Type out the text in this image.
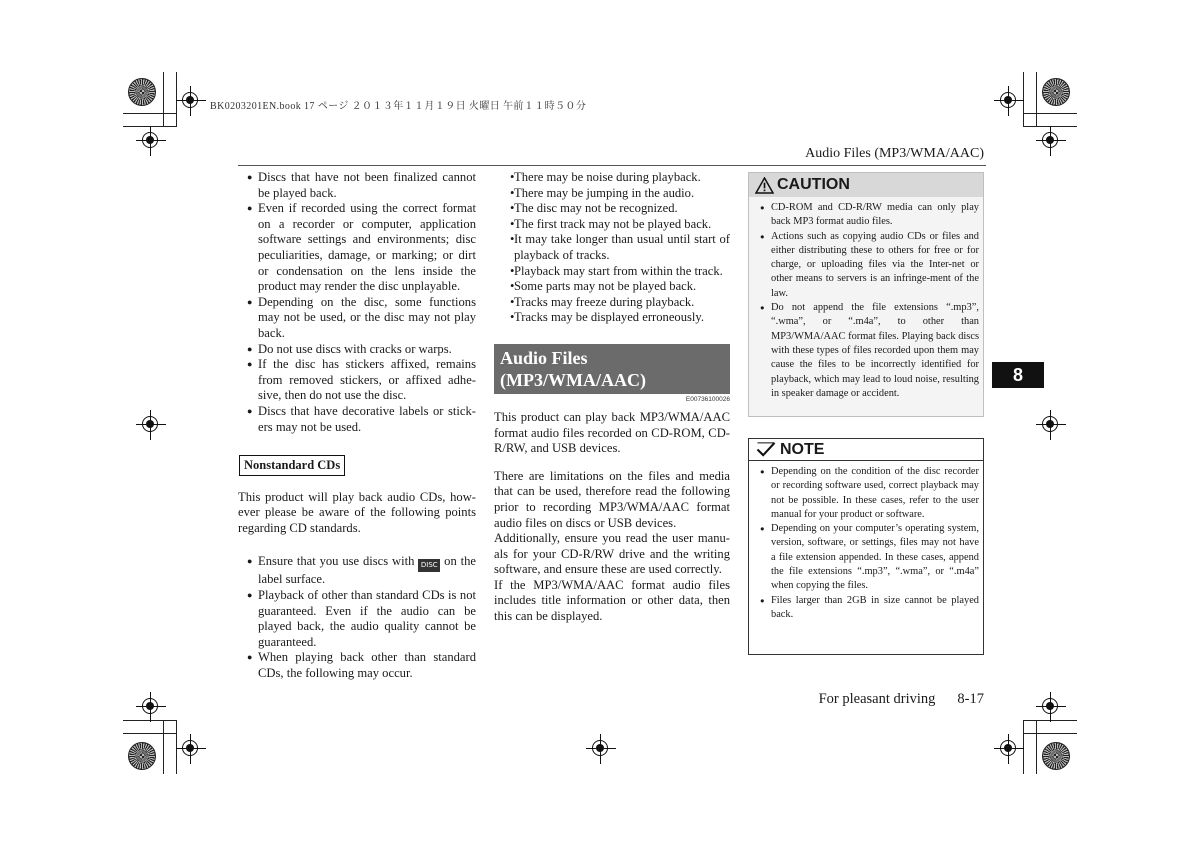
BK0203201EN.book 17 ページ ２０１３年１１月１９日 火曜日 午前１１時５０分
Audio Files (MP3/WMA/AAC)
● Discs that have not been finalized cannot be played back.
● Even if recorded using the correct format on a recorder or computer, application software settings and environments; disc peculiarities, damage, or marking; or dirt or condensation on the lens inside the product may render the disc unplayable.
● Depending on the disc, some functions may not be used, or the disc may not play back.
● Do not use discs with cracks or warps.
● If the disc has stickers affixed, remains from removed stickers, or affixed adhe-sive, then do not use the disc.
● Discs that have decorative labels or stick-ers may not be used.
Nonstandard CDs

This product will play back audio CDs, how-ever please be aware of the following points regarding CD standards.

● Ensure that you use discs with DISC on the label surface.
● Playback of other than standard CDs is not guaranteed. Even if the audio can be played back, the audio quality cannot be guaranteed.
● When playing back other than standard CDs, the following may occur.
• There may be noise during playback.
• There may be jumping in the audio.
• The disc may not be recognized.
• The first track may not be played back.
• It may take longer than usual until start of playback of tracks.
• Playback may start from within the track.
• Some parts may not be played back.
• Tracks may freeze during playback.
• Tracks may be displayed erroneously.
Audio Files
(MP3/WMA/AAC)
E00736100026

This product can play back MP3/WMA/AAC format audio files recorded on CD-ROM, CD-R/RW, and USB devices.

There are limitations on the files and media that can be used, therefore read the following prior to recording MP3/WMA/AAC format audio files on discs or USB devices.

Additionally, ensure you read the user manu-als for your CD-R/RW drive and the writing software, and ensure these are used correctly.

If the MP3/WMA/AAC format audio files includes title information or other data, then this can be displayed.

CAUTION
● CD-ROM and CD-R/RW media can only play back MP3 format audio files.
● Actions such as copying audio CDs or files and either distributing these to others for free or for charge, or uploading files via the Inter-net or other means to servers is an infringe-ment of the law.
● Do not append the file extensions “.mp3”, “.wma”, or “.m4a”, to other than MP3/WMA/AAC format files. Playing back discs with these types of files recorded upon them may cause the files to be incorrectly identified for playback, which may lead to loud noise, resulting in speaker damage or accident.
NOTE
● Depending on the condition of the disc recorder or recording software used, correct playback may not be possible. In these cases, refer to the user manual for your product or software.
● Depending on your computer’s operating system, version, software, or settings, files may not have a file extension appended. In these cases, append the file extensions “.mp3”, “.wma”, or “.m4a” when copying the files.
● Files larger than 2GB in size cannot be played back.
8
For pleasant driving 8-17
